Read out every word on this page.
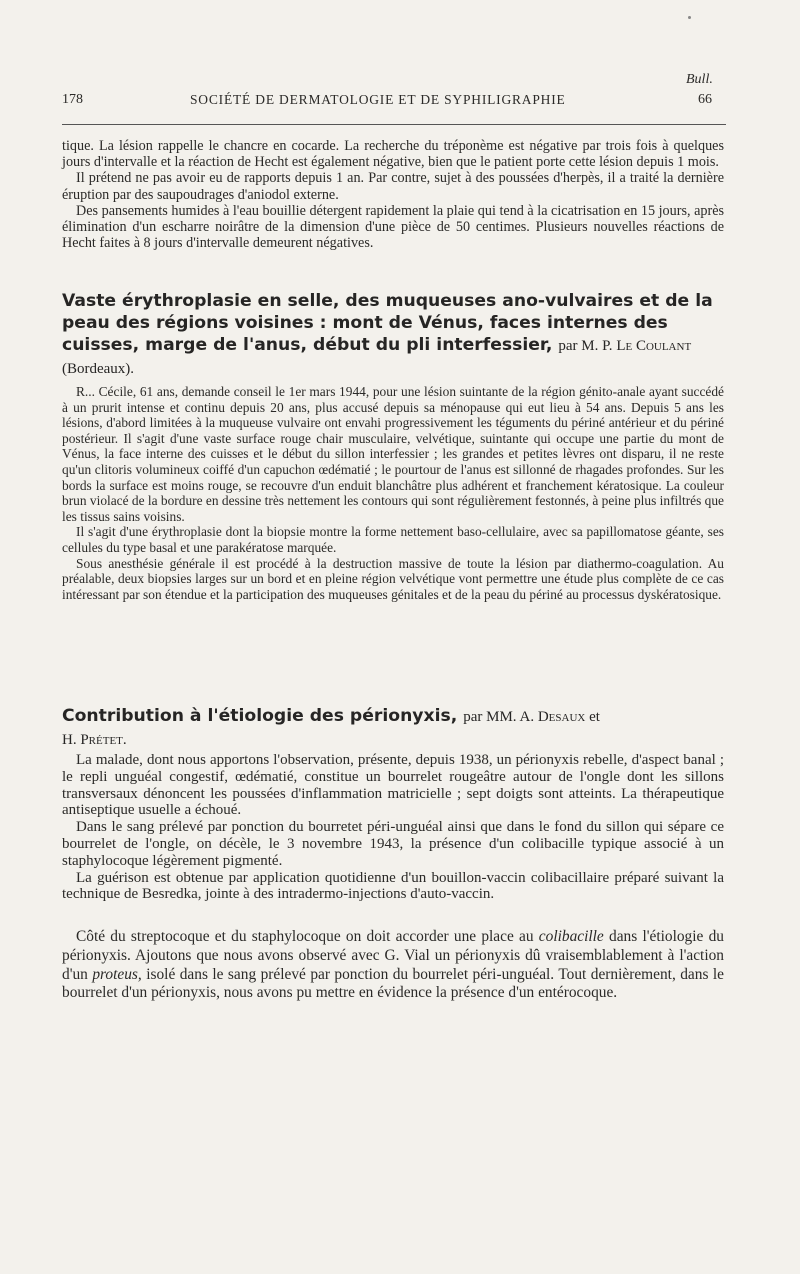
Bull.
178	SOCIÉTÉ DE DERMATOLOGIE ET DE SYPHILIGRAPHIE	66

tique. La lésion rappelle le chancre en cocarde. La recherche du tréponème est négative par trois fois à quelques jours d'intervalle et la réaction de Hecht est également négative, bien que le patient porte cette lésion depuis 1 mois.

Il prétend ne pas avoir eu de rapports depuis 1 an. Par contre, sujet à des poussées d'herpès, il a traité la dernière éruption par des saupoudrages d'aniodol externe.

Des pansements humides à l'eau bouillie détergent rapidement la plaie qui tend à la cicatrisation en 15 jours, après élimination d'un escharre noirâtre de la dimension d'une pièce de 50 centimes. Plusieurs nouvelles réactions de Hecht faites à 8 jours d'intervalle demeurent négatives.

Vaste érythroplasie en selle, des muqueuses ano-vulvaires et de la peau des régions voisines : mont de Vénus, faces internes des cuisses, marge de l'anus, début du pli interfessier, par M. P. Le Coulant (Bordeaux).

R... Cécile, 61 ans, demande conseil le 1er mars 1944, pour une lésion suintante de la région génito-anale ayant succédé à un prurit intense et continu depuis 20 ans, plus accusé depuis sa ménopause qui eut lieu à 54 ans. Depuis 5 ans les lésions, d'abord limitées à la muqueuse vulvaire ont envahi progressivement les téguments du périné antérieur et du périné postérieur. Il s'agit d'une vaste surface rouge chair musculaire, velvétique, suintante qui occupe une partie du mont de Vénus, la face interne des cuisses et le début du sillon interfessier ; les grandes et petites lèvres ont disparu, il ne reste qu'un clitoris volumineux coiffé d'un capuchon œdématié ; le pourtour de l'anus est sillonné de rhagades profondes. Sur les bords la surface est moins rouge, se recouvre d'un enduit blanchâtre plus adhérent et franchement kératosique. La couleur brun violacé de la bordure en dessine très nettement les contours qui sont régulièrement festonnés, à peine plus infiltrés que les tissus sains voisins.

Il s'agit d'une érythroplasie dont la biopsie montre la forme nettement baso-cellulaire, avec sa papillomatose géante, ses cellules du type basal et une parakératose marquée.

Sous anesthésie générale il est procédé à la destruction massive de toute la lésion par diathermo-coagulation. Au préalable, deux biopsies larges sur un bord et en pleine région velvétique vont permettre une étude plus complète de ce cas intéressant par son étendue et la participation des muqueuses génitales et de la peau du périné au processus dyskératosique.

Contribution à l'étiologie des périonyxis, par MM. A. Desaux et
H. Prétet.

La malade, dont nous apportons l'observation, présente, depuis 1938, un périonyxis rebelle, d'aspect banal ; le repli unguéal congestif, œdématié, constitue un bourrelet rougeâtre autour de l'ongle dont les sillons transversaux dénoncent les poussées d'inflammation matricielle ; sept doigts sont atteints. La thérapeutique antiseptique usuelle a échoué.

Dans le sang prélevé par ponction du bourretet péri-unguéal ainsi que dans le fond du sillon qui sépare ce bourrelet de l'ongle, on décèle, le 3 novembre 1943, la présence d'un colibacille typique associé à un staphylocoque légèrement pigmenté.

La guérison est obtenue par application quotidienne d'un bouillon-vaccin colibacillaire préparé suivant la technique de Besredka, jointe à des intradermo-injections d'auto-vaccin.

Côté du streptocoque et du staphylocoque on doit accorder une place au colibacille dans l'étiologie du périonyxis. Ajoutons que nous avons observé avec G. Vial un périonyxis dû vraisemblablement à l'action d'un proteus, isolé dans le sang prélevé par ponction du bourrelet péri-unguéal. Tout dernièrement, dans le bourrelet d'un périonyxis, nous avons pu mettre en évidence la présence d'un entérocoque.
